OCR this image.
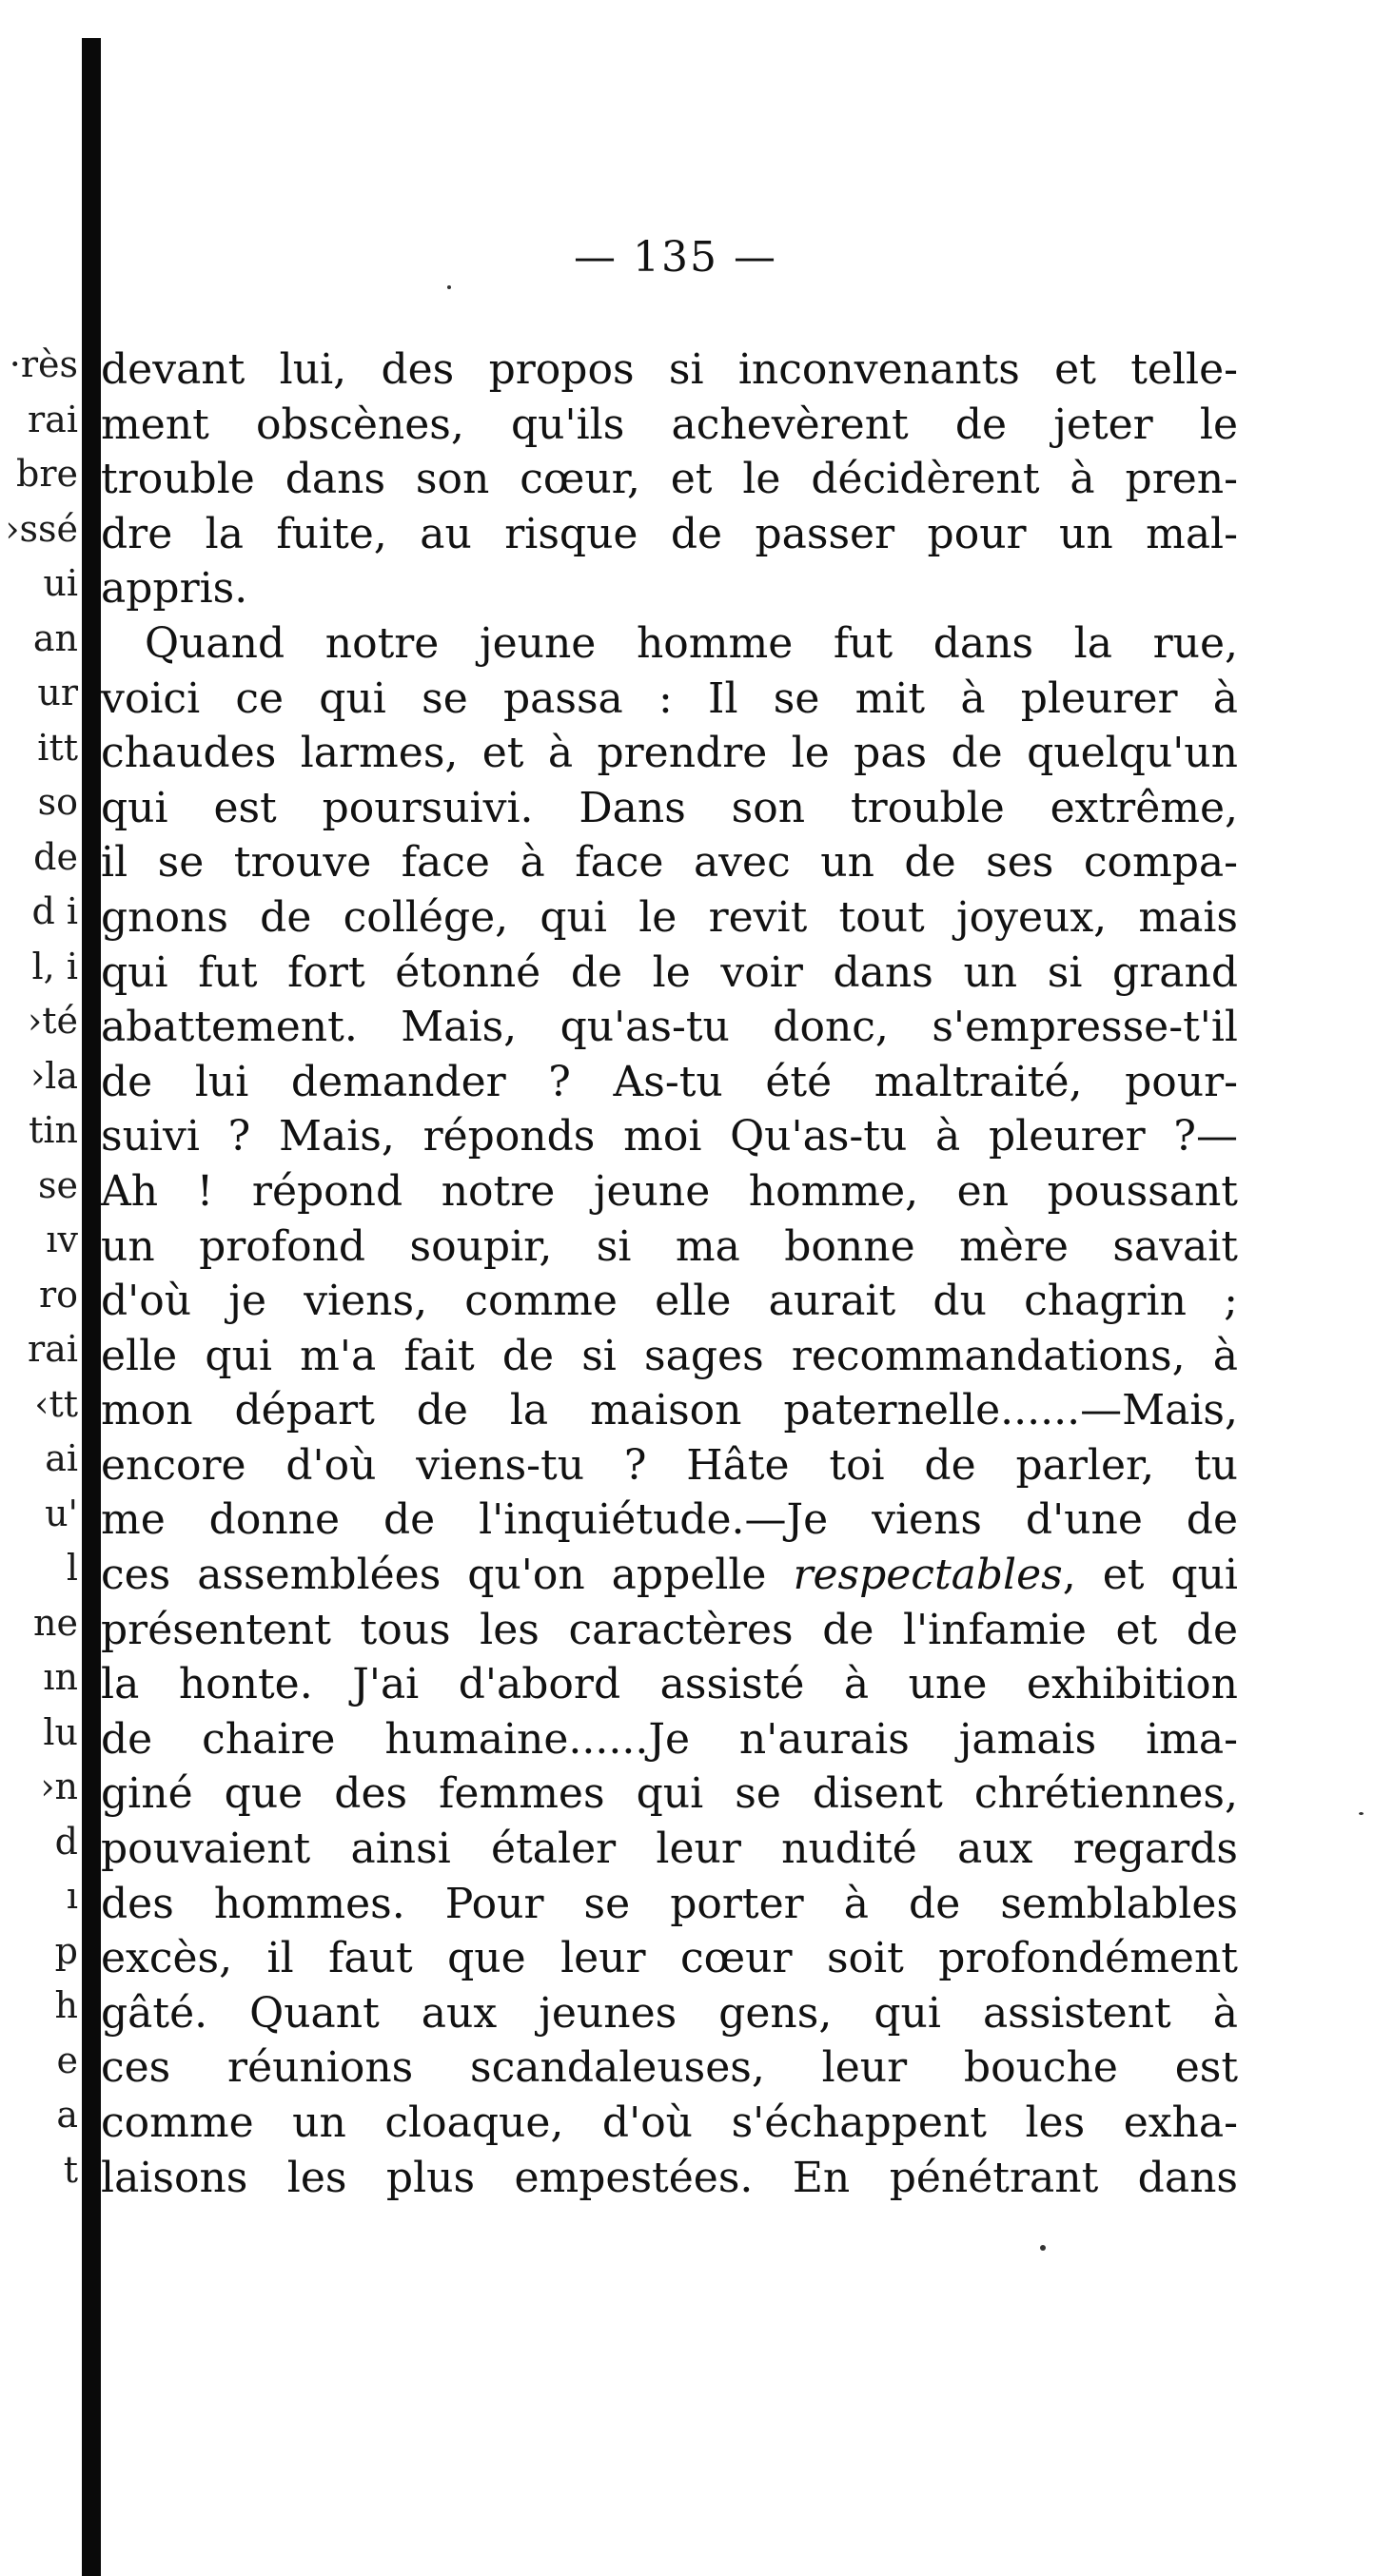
·rès
rai
bre
›ssé
ui
an
ur
itt
so
de
d i
l, i
›té
›la
tin
se
ıv
ro
rai
‹tt
ai
u'
l
ne
ın
lu
›n
d
ı
p
h
e
a
t
— 135 —
devant lui, des propos si inconvenants et telle-
ment obscènes, qu'ils achevèrent de jeter le
trouble dans son cœur, et le décidèrent à pren-
dre la fuite, au risque de passer pour un mal-
appris.
Quand notre jeune homme fut dans la rue,
voici ce qui se passa : Il se mit à pleurer à
chaudes larmes, et à prendre le pas de quelqu'un
qui est poursuivi. Dans son trouble extrême,
il se trouve face à face avec un de ses compa-
gnons de collége, qui le revit tout joyeux, mais
qui fut fort étonné de le voir dans un si grand
abattement. Mais, qu'as-tu donc, s'empresse-t'il
de lui demander ? As-tu été maltraité, pour-
suivi ? Mais, réponds moi Qu'as-tu à pleurer ?—
Ah ! répond notre jeune homme, en poussant
un profond soupir, si ma bonne mère savait
d'où je viens, comme elle aurait du chagrin ;
elle qui m'a fait de si sages recommandations, à
mon départ de la maison paternelle......—Mais,
encore d'où viens-tu ? Hâte toi de parler, tu
me donne de l'inquiétude.—Je viens d'une de
ces assemblées qu'on appelle respectables, et qui
présentent tous les caractères de l'infamie et de
la honte. J'ai d'abord assisté à une exhibition
de chaire humaine......Je n'aurais jamais ima-
giné que des femmes qui se disent chrétiennes,
pouvaient ainsi étaler leur nudité aux regards
des hommes. Pour se porter à de semblables
excès, il faut que leur cœur soit profondément
gâté. Quant aux jeunes gens, qui assistent à
ces réunions scandaleuses, leur bouche est
comme un cloaque, d'où s'échappent les exha-
laisons les plus empestées. En pénétrant dans
